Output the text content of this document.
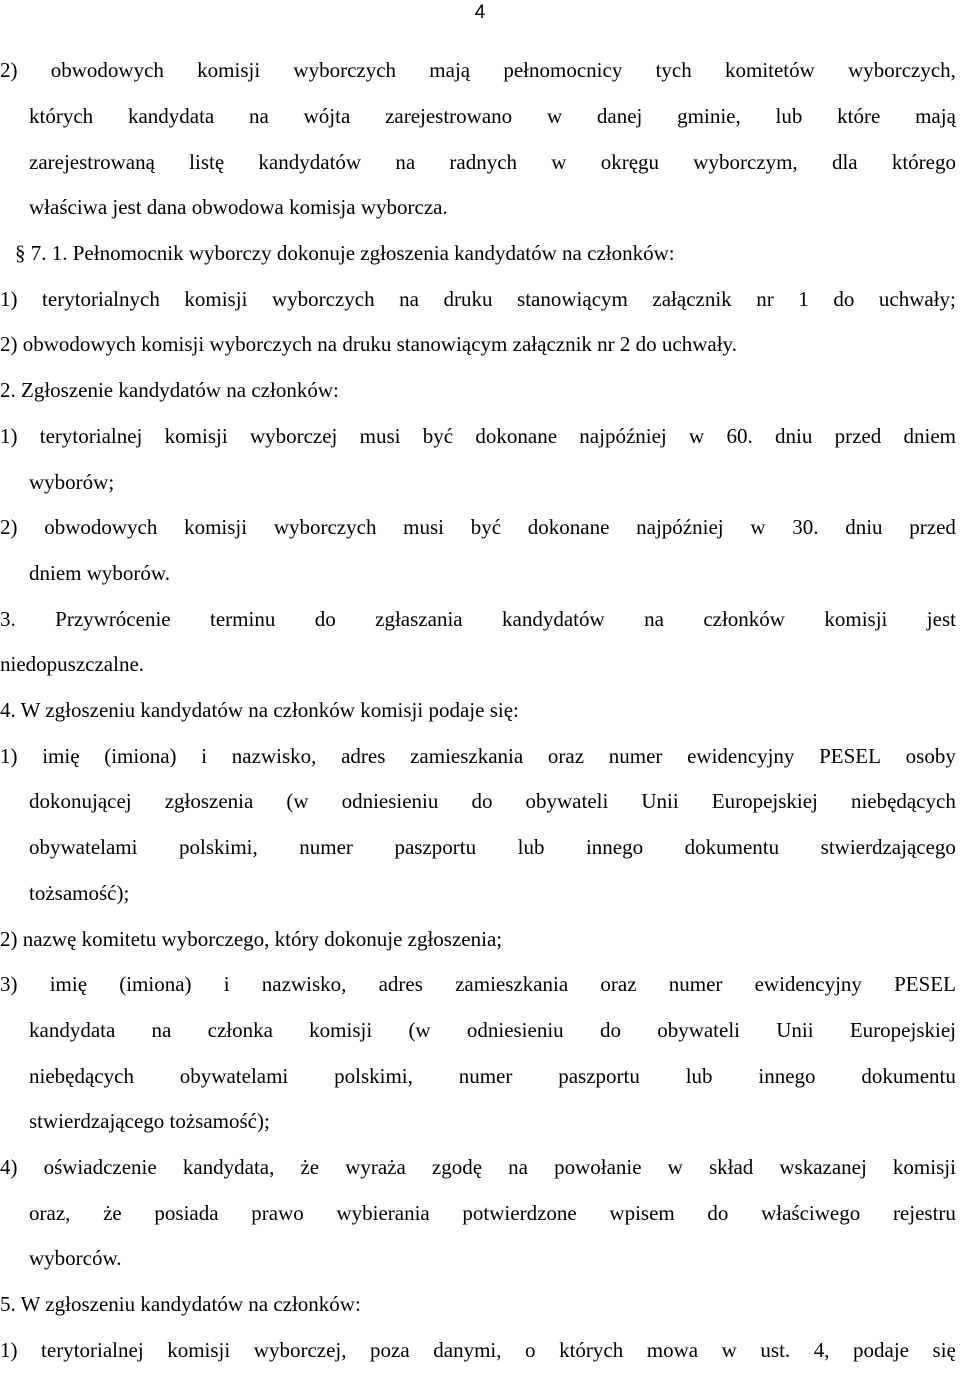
4
2) obwodowych komisji wyborczych mają pełnomocnicy tych komitetów wyborczych,
których kandydata na wójta zarejestrowano w danej gminie, lub które mają
zarejestrowaną listę kandydatów na radnych w okręgu wyborczym, dla którego
właściwa jest dana obwodowa komisja wyborcza.
§ 7. 1. Pełnomocnik wyborczy dokonuje zgłoszenia kandydatów na członków:
1) terytorialnych komisji wyborczych na druku stanowiącym załącznik nr 1 do uchwały;
2) obwodowych komisji wyborczych na druku stanowiącym załącznik nr 2 do uchwały.
2. Zgłoszenie kandydatów na członków:
1) terytorialnej komisji wyborczej musi być dokonane najpóźniej w 60. dniu przed dniem
wyborów;
2) obwodowych komisji wyborczych musi być dokonane najpóźniej w 30. dniu przed
dniem wyborów.
3. Przywrócenie terminu do zgłaszania kandydatów na członków komisji jest
niedopuszczalne.
4. W zgłoszeniu kandydatów na członków komisji podaje się:
1) imię (imiona) i nazwisko, adres zamieszkania oraz numer ewidencyjny PESEL osoby
dokonującej zgłoszenia (w odniesieniu do obywateli Unii Europejskiej niebędących
obywatelami polskimi, numer paszportu lub innego dokumentu stwierdzającego
tożsamość);
2) nazwę komitetu wyborczego, który dokonuje zgłoszenia;
3) imię (imiona) i nazwisko, adres zamieszkania oraz numer ewidencyjny PESEL
kandydata na członka komisji (w odniesieniu do obywateli Unii Europejskiej
niebędących obywatelami polskimi, numer paszportu lub innego dokumentu
stwierdzającego tożsamość);
4) oświadczenie kandydata, że wyraża zgodę na powołanie w skład wskazanej komisji
oraz, że posiada prawo wybierania potwierdzone wpisem do właściwego rejestru
wyborców.
5. W zgłoszeniu kandydatów na członków:
1) terytorialnej komisji wyborczej, poza danymi, o których mowa w ust. 4, podaje się
